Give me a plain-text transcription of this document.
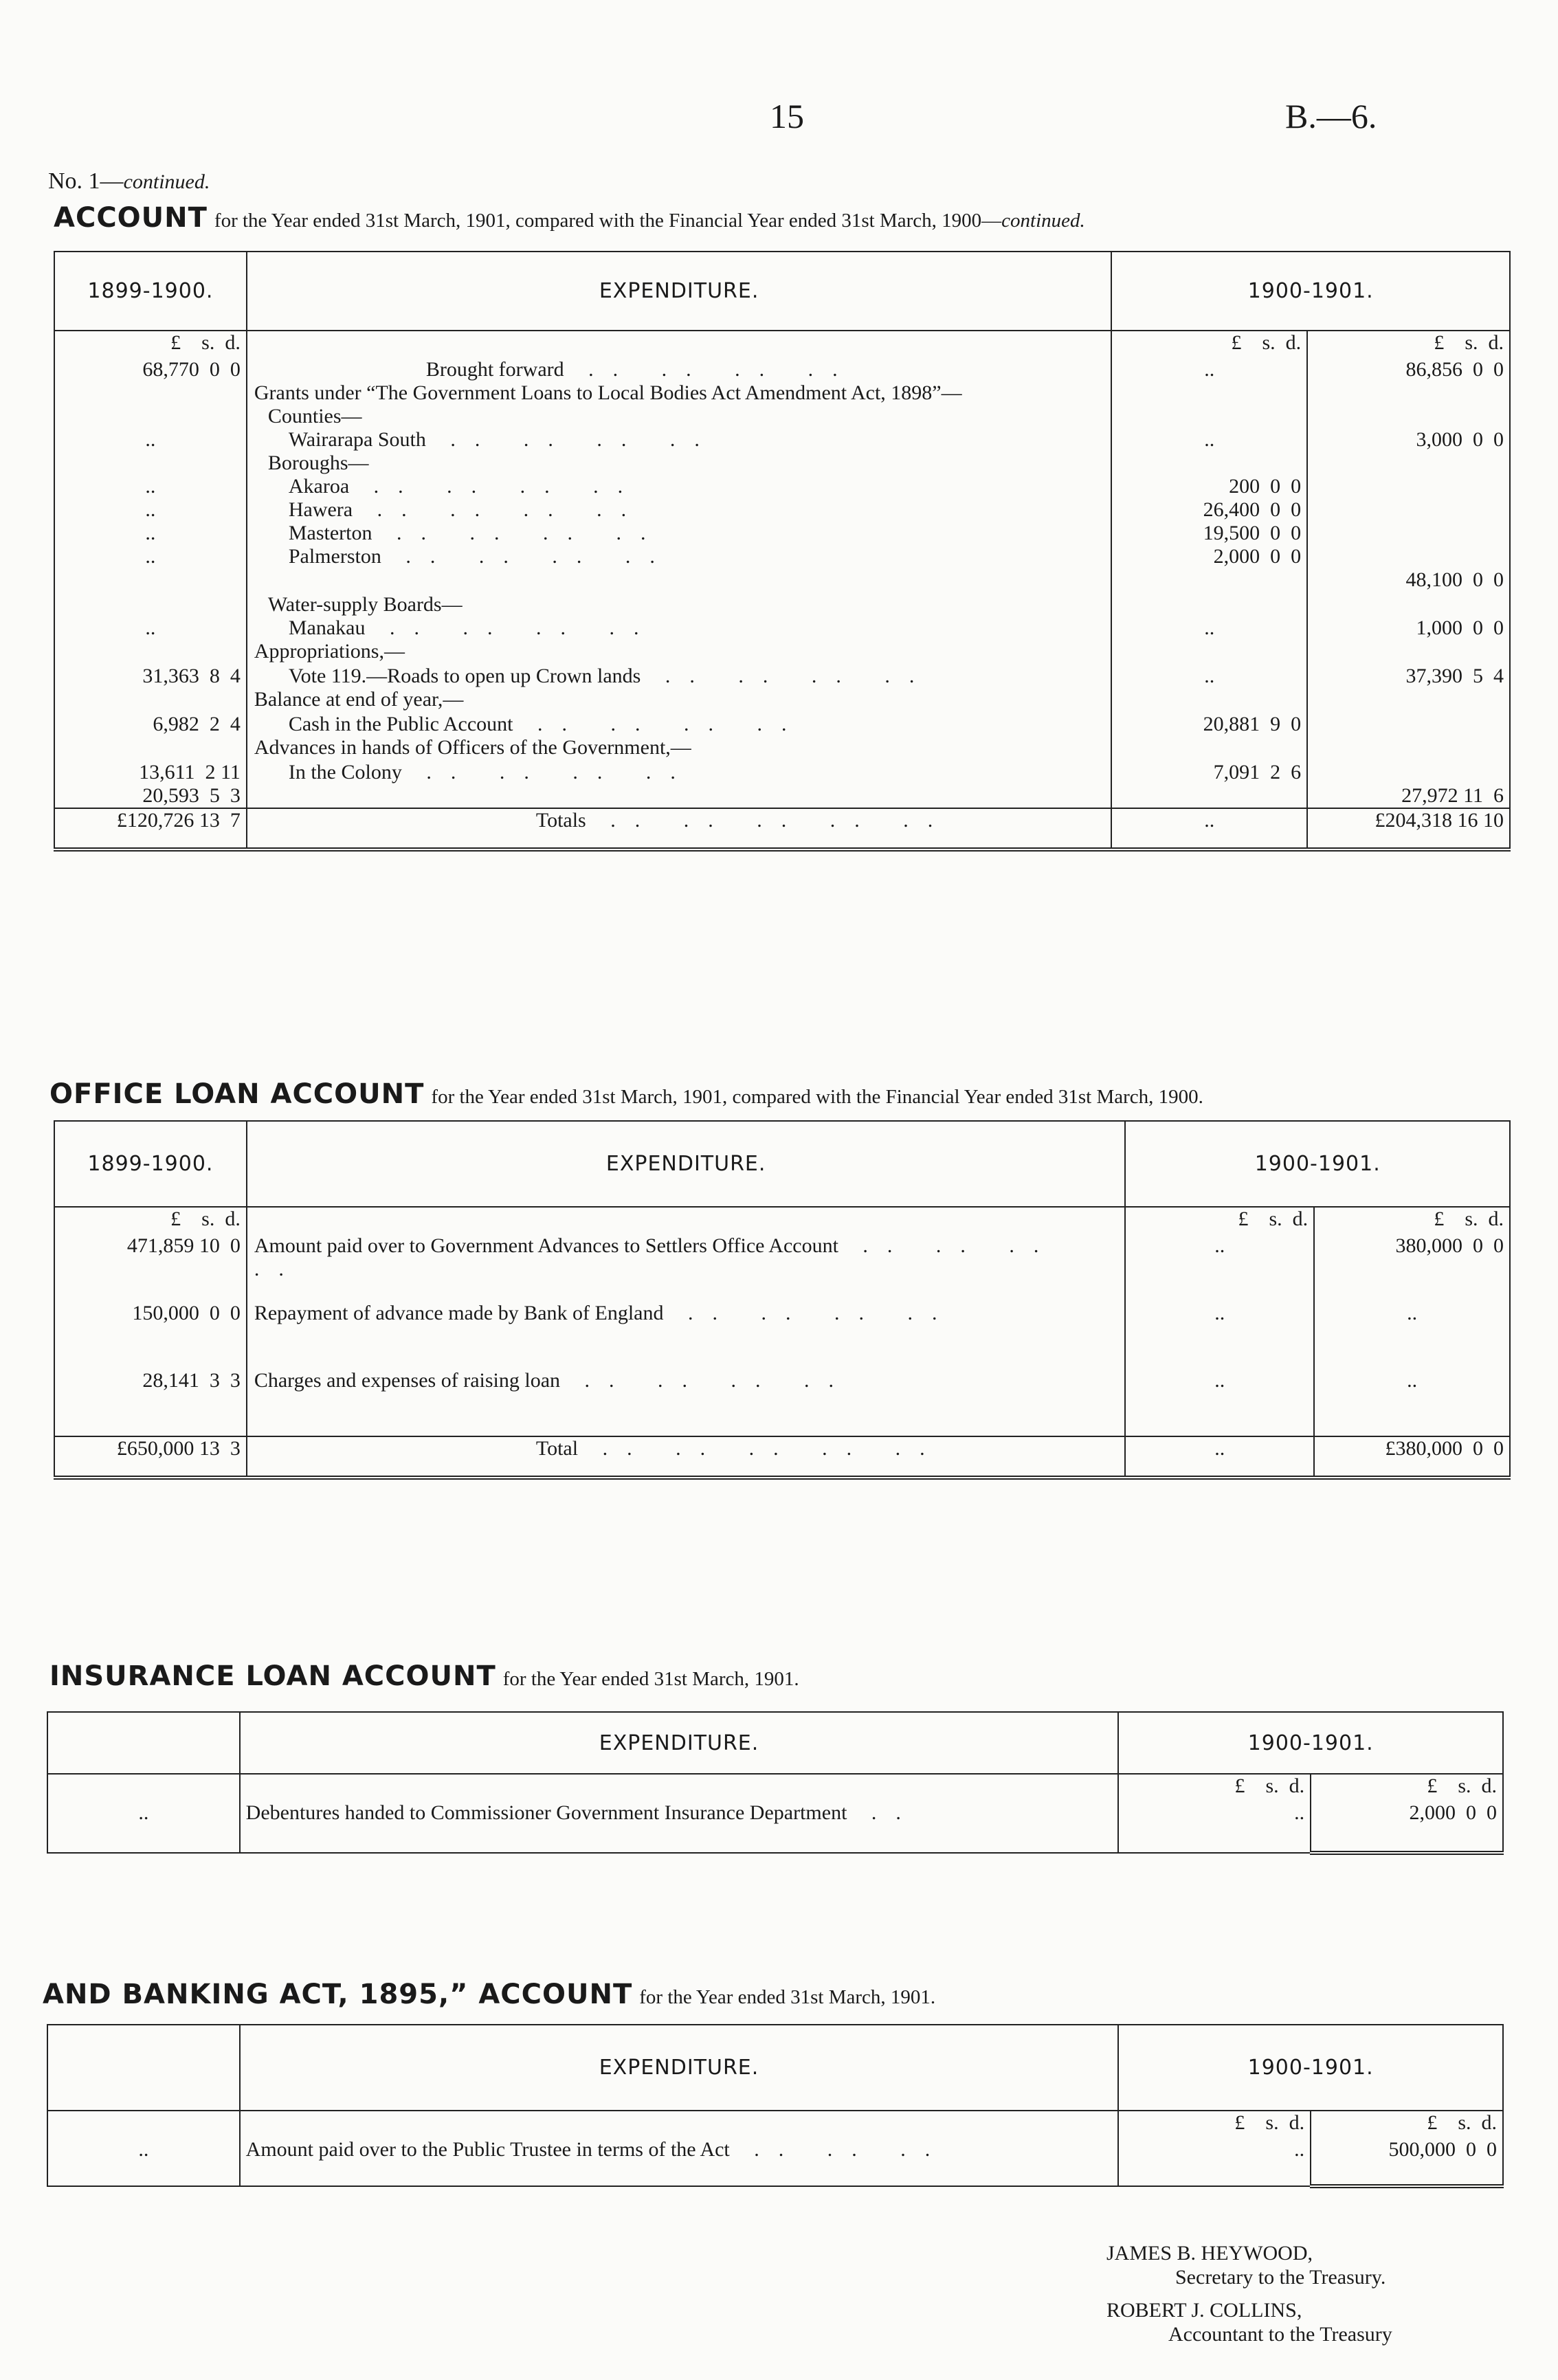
15	B.—6.
No. 1—continued.
ACCOUNT for the Year ended 31st March, 1901, compared with the Financial Year ended 31st March, 1900—continued.
1899-1900.	EXPENDITURE.	1900-1901.	
£    s.  d.		£    s.  d.	£    s.  d.
68,770  0  0	Brought forward .. .. .. ..	..	86,856  0  0
	Grants under “The Government Loans to Local Bodies Act Amendment Act, 1898”—		
	Counties—		
..	Wairarapa South .. .. .. ..	..	3,000  0  0
	Boroughs—		
..	Akaroa .. .. .. ..	200  0  0	
..	Hawera .. .. .. ..	26,400  0  0	
..	Masterton .. .. .. ..	19,500  0  0	
..	Palmerston .. .. .. ..	2,000  0  0	
			48,100  0  0
	Water-supply Boards—		
..	Manakau .. .. .. ..	..	1,000  0  0
	Appropriations,—		
31,363  8  4	Vote 119.—Roads to open up Crown lands .. .. .. ..	..	37,390  5  4
	Balance at end of year,—		
6,982  2  4	Cash in the Public Account .. .. .. ..	20,881  9  0	
	Advances in hands of Officers of the Government,—		
13,611  2 11	In the Colony .. .. .. ..	7,091  2  6	
20,593  5  3			27,972 11  6
£120,726 13  7	Totals .. .. .. .. ..	..	£204,318 16 10
OFFICE LOAN ACCOUNT for the Year ended 31st March, 1901, compared with the Financial Year ended 31st March, 1900.
1899-1900.	EXPENDITURE.	1900-1901.	
£    s.  d.		£    s.  d.	£    s.  d.
471,859 10  0	Amount paid over to Government Advances to Settlers Office Account .. .. .. ..	..	380,000  0  0
150,000  0  0	Repayment of advance made by Bank of England .. .. .. ..	..	..
28,141  3  3	Charges and expenses of raising loan .. .. .. ..	..	..
£650,000 13  3	Total .. .. .. .. ..	..	£380,000  0  0
INSURANCE LOAN ACCOUNT for the Year ended 31st March, 1901.
	EXPENDITURE.	1900-1901.	
		£    s.  d.	£    s.  d.
..	Debentures handed to Commissioner Government Insurance Department ..	..	2,000  0  0
AND BANKING ACT, 1895,” ACCOUNT for the Year ended 31st March, 1901.
	EXPENDITURE.	1900-1901.	
		£    s.  d.	£    s.  d.
..	Amount paid over to the Public Trustee in terms of the Act .. .. ..	..	500,000  0  0
JAMES B. HEYWOOD,
Secretary to the Treasury.
ROBERT J. COLLINS,
Accountant to the Treasury
